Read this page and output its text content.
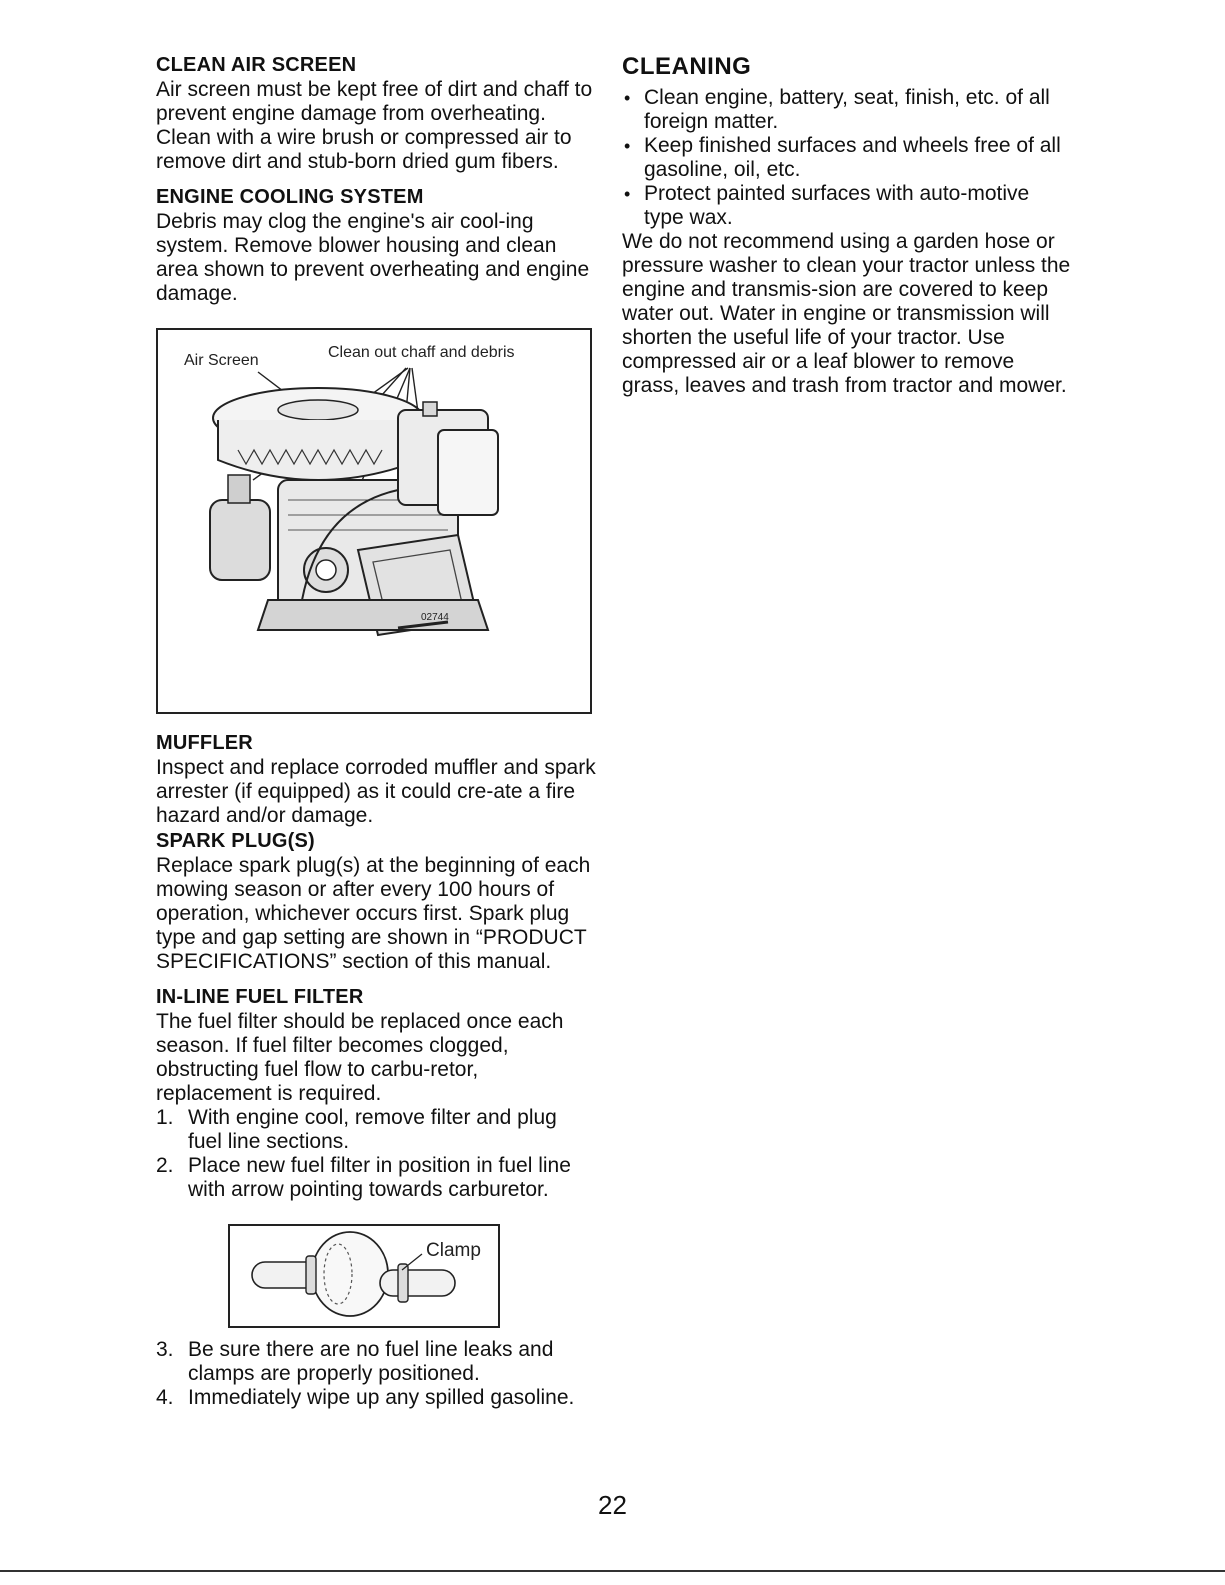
CLEAN AIR SCREEN

Air screen must be kept free of dirt and chaff to prevent engine damage from overheating. Clean with a wire brush or compressed air to remove dirt and stub-born dried gum fibers.

ENGINE COOLING SYSTEM

Debris may clog the engine's air cool-ing system. Remove blower housing and clean area shown to prevent overheating and engine damage.

Air Screen	Clean out chaff and debris
02744
MUFFLER

Inspect and replace corroded muffler and spark arrester (if equipped) as it could cre-ate a fire hazard and/or damage.

SPARK PLUG(S)

Replace spark plug(s) at the beginning of each mowing season or after every 100 hours of operation, whichever occurs first. Spark plug type and gap setting are shown in “PRODUCT SPECIFICATIONS” section of this manual.

IN-LINE FUEL FILTER

The fuel filter should be replaced once each season. If fuel filter becomes clogged, obstructing fuel flow to carbu-retor, replacement is required.

1. With engine cool, remove filter and plug fuel line sections.
2. Place new fuel filter in position in fuel line with arrow pointing towards carburetor.
Clamp
3. Be sure there are no fuel line leaks and clamps are properly positioned.
4. Immediately wipe up any spilled gasoline.
CLEANING
• Clean engine, battery, seat, finish, etc. of all foreign matter.
• Keep finished surfaces and wheels free of all gasoline, oil, etc.
• Protect painted surfaces with auto-motive type wax.

We do not recommend using a garden hose or pressure washer to clean your tractor unless the engine and transmis-sion are covered to keep water out. Water in engine or transmission will shorten the useful life of your tractor. Use compressed air or a leaf blower to remove grass, leaves and trash from tractor and mower.

22
